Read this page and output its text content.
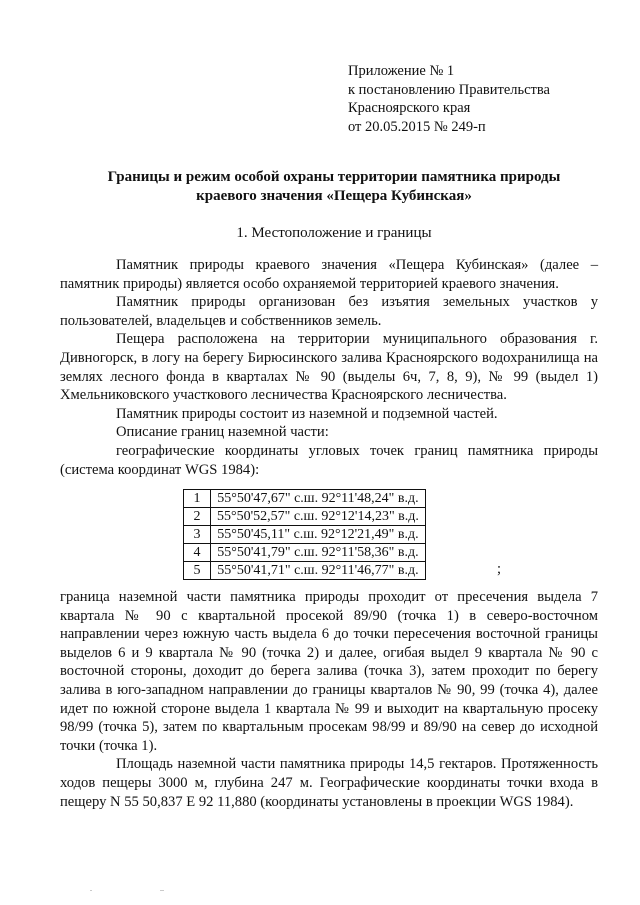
Приложение № 1
к постановлению Правительства
Красноярского края
от 20.05.2015 № 249-п
Границы и режим особой охраны территории памятника природы
краевого значения «Пещера Кубинская»
1. Местоположение и границы

Памятник природы краевого значения «Пещера Кубинская» (далее – памятник природы) является особо охраняемой территорией краевого значения.

Памятник природы организован без изъятия земельных участков у пользователей, владельцев и собственников земель.

Пещера расположена на территории муниципального образования г. Дивногорск, в логу на берегу Бирюсинского залива Красноярского водохранилища на землях лесного фонда в кварталах № 90 (выделы 6ч, 7, 8, 9), № 99 (выдел 1) Хмельниковского участкового лесничества Красноярского лесничества.

Памятник природы состоит из наземной и подземной частей.

Описание границ наземной части:

географические координаты угловых точек границ памятника природы (система координат WGS 1984):

1	55°50'47,67" с.ш. 92°11'48,24" в.д.
2	55°50'52,57" с.ш. 92°12'14,23" в.д.
3	55°50'45,11" с.ш. 92°12'21,49" в.д.
4	55°50'41,79" с.ш. 92°11'58,36" в.д.
5	55°50'41,71" с.ш. 92°11'46,77" в.д.	;

граница наземной части памятника природы проходит от пресечения выдела 7 квартала № 90 с квартальной просекой 89/90 (точка 1) в северо-восточном направлении через южную часть выдела 6 до точки пересечения восточной границы выделов 6 и 9 квартала № 90 (точка 2) и далее, огибая выдел 9 квартала № 90 с восточной стороны, доходит до берега залива (точка 3), затем проходит по берегу залива в юго-западном направлении до границы кварталов № 90, 99 (точка 4), далее идет по южной стороне выдела 1 квартала № 99 и выходит на квартальную просеку 98/99 (точка 5), затем по квартальным просекам 98/99 и 89/90 на север до исходной точки (точка 1).

Площадь наземной части памятника природы 14,5 гектаров. Протяженность ходов пещеры 3000 м, глубина 247 м. Географические координаты точки входа в пещеру N 55 50,837 E 92 11,880 (координаты установлены в проекции WGS 1984).

.	..
